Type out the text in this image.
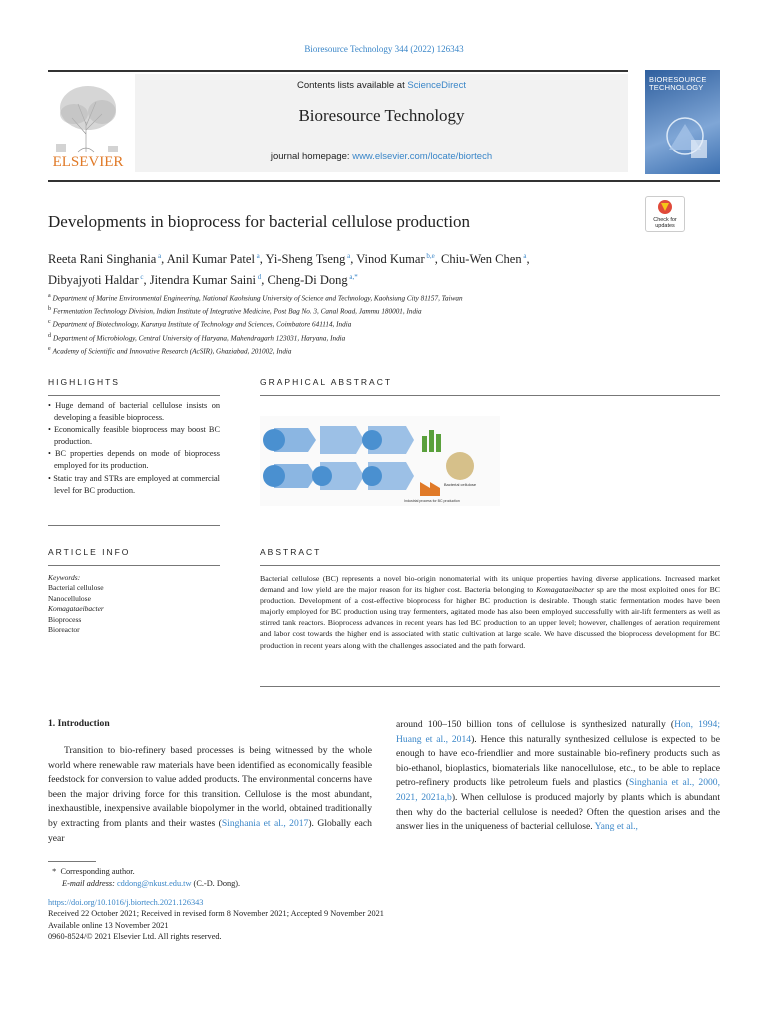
Bioresource Technology 344 (2022) 126343
ELSEVIER
Contents lists available at ScienceDirect
Bioresource Technology
journal homepage: www.elsevier.com/locate/biortech
BIORESOURCE
TECHNOLOGY
Developments in bioprocess for bacterial cellulose production	Check for
updates
Reeta Rani Singhania $^a$, Anil Kumar Patel $^a$, Yi-Sheng Tseng $^a$, Vinod Kumar $^{b,e}$, Chiu-Wen Chen $^a$,
Dibyajyoti Haldar $^c$, Jitendra Kumar Saini $^d$, Cheng-Di Dong $^{a,*}$
$^a$ Department of Marine Environmental Engineering, National Kaohsiung University of Science and Technology, Kaohsiung City 81157, Taiwan
$^b$ Fermentation Technology Division, Indian Institute of Integrative Medicine, Post Bag No. 3, Canal Road, Jammu 180001, India
$^c$ Department of Biotechnology, Karunya Institute of Technology and Sciences, Coimbatore 641114, India
$^d$ Department of Microbiology, Central University of Haryana, Mahendragarh 123031, Haryana, India
$^e$ Academy of Scientific and Innovative Research (AcSIR), Ghaziabad, 201002, India
HIGHLIGHTS	GRAPHICAL ABSTRACT
• Huge demand of bacterial cellulose insists on developing a feasible bioprocess.
• Economically feasible bioprocess may boost BC production.
• BC properties depends on mode of bioprocess employed for its production.
• Static tray and STRs are employed at commercial level for BC production.
Bacterial cellulose
Industrial process for BC production
ARTICLE INFO	ABSTRACT
Keywords:
Bacterial cellulose
Nanocellulose
Komagataeibacter
Bioprocess
Bioreactor
Bacterial cellulose (BC) represents a novel bio-origin nonomaterial with its unique properties having diverse applications. Increased market demand and low yield are the major reason for its higher cost. Bacteria belonging to Komagataeibacter sp are the most exploited ones for BC production. Development of a cost-effective bioprocess for higher BC production is desirable. Though static fermentation modes have been majorly employed for BC production using tray fermenters, agitated mode has also been employed successfully with air-lift fermenters as well as stirred tank reactors. Bioprocess advances in recent years has led BC production to an upper level; however, challenges of aeration requirement and labor cost towards the higher end is associated with static cultivation at large scale. We have discussed the bioprocess development for BC production in recent years along with the challenges associated and the path forward.
1. Introduction
Transition to bio-refinery based processes is being witnessed by the whole world where renewable raw materials have been identified as economically feasible feedstock for conversion to value added products. The environmental concerns have been the major driving force for this transition. Cellulose is the most abundant, inexhaustible, inexpensive available biopolymer in the world, obtained traditionally by extracting from plants and their wastes (Singhania et al., 2017). Globally each year
around 100–150 billion tons of cellulose is synthesized naturally (Hon, 1994; Huang et al., 2014). Hence this naturally synthesized cellulose is expected to be enough to have eco-friendlier and more sustainable bio-refinery products such as bio-ethanol, bioplastics, biomaterials like nanocellulose, etc., to be able to replace petro-refinery products like petroleum fuels and plastics (Singhania et al., 2000, 2021, 2021a,b). When cellulose is produced majorly by plants which is abundant then why do the bacterial cellulose is needed? Often the question arises and the answer lies in the uniqueness of bacterial cellulose. Yang et al.,
*  Corresponding author.
E-mail address: cddong@nkust.edu.tw (C.-D. Dong).
https://doi.org/10.1016/j.biortech.2021.126343
Received 22 October 2021; Received in revised form 8 November 2021; Accepted 9 November 2021
Available online 13 November 2021
0960-8524/© 2021 Elsevier Ltd. All rights reserved.
